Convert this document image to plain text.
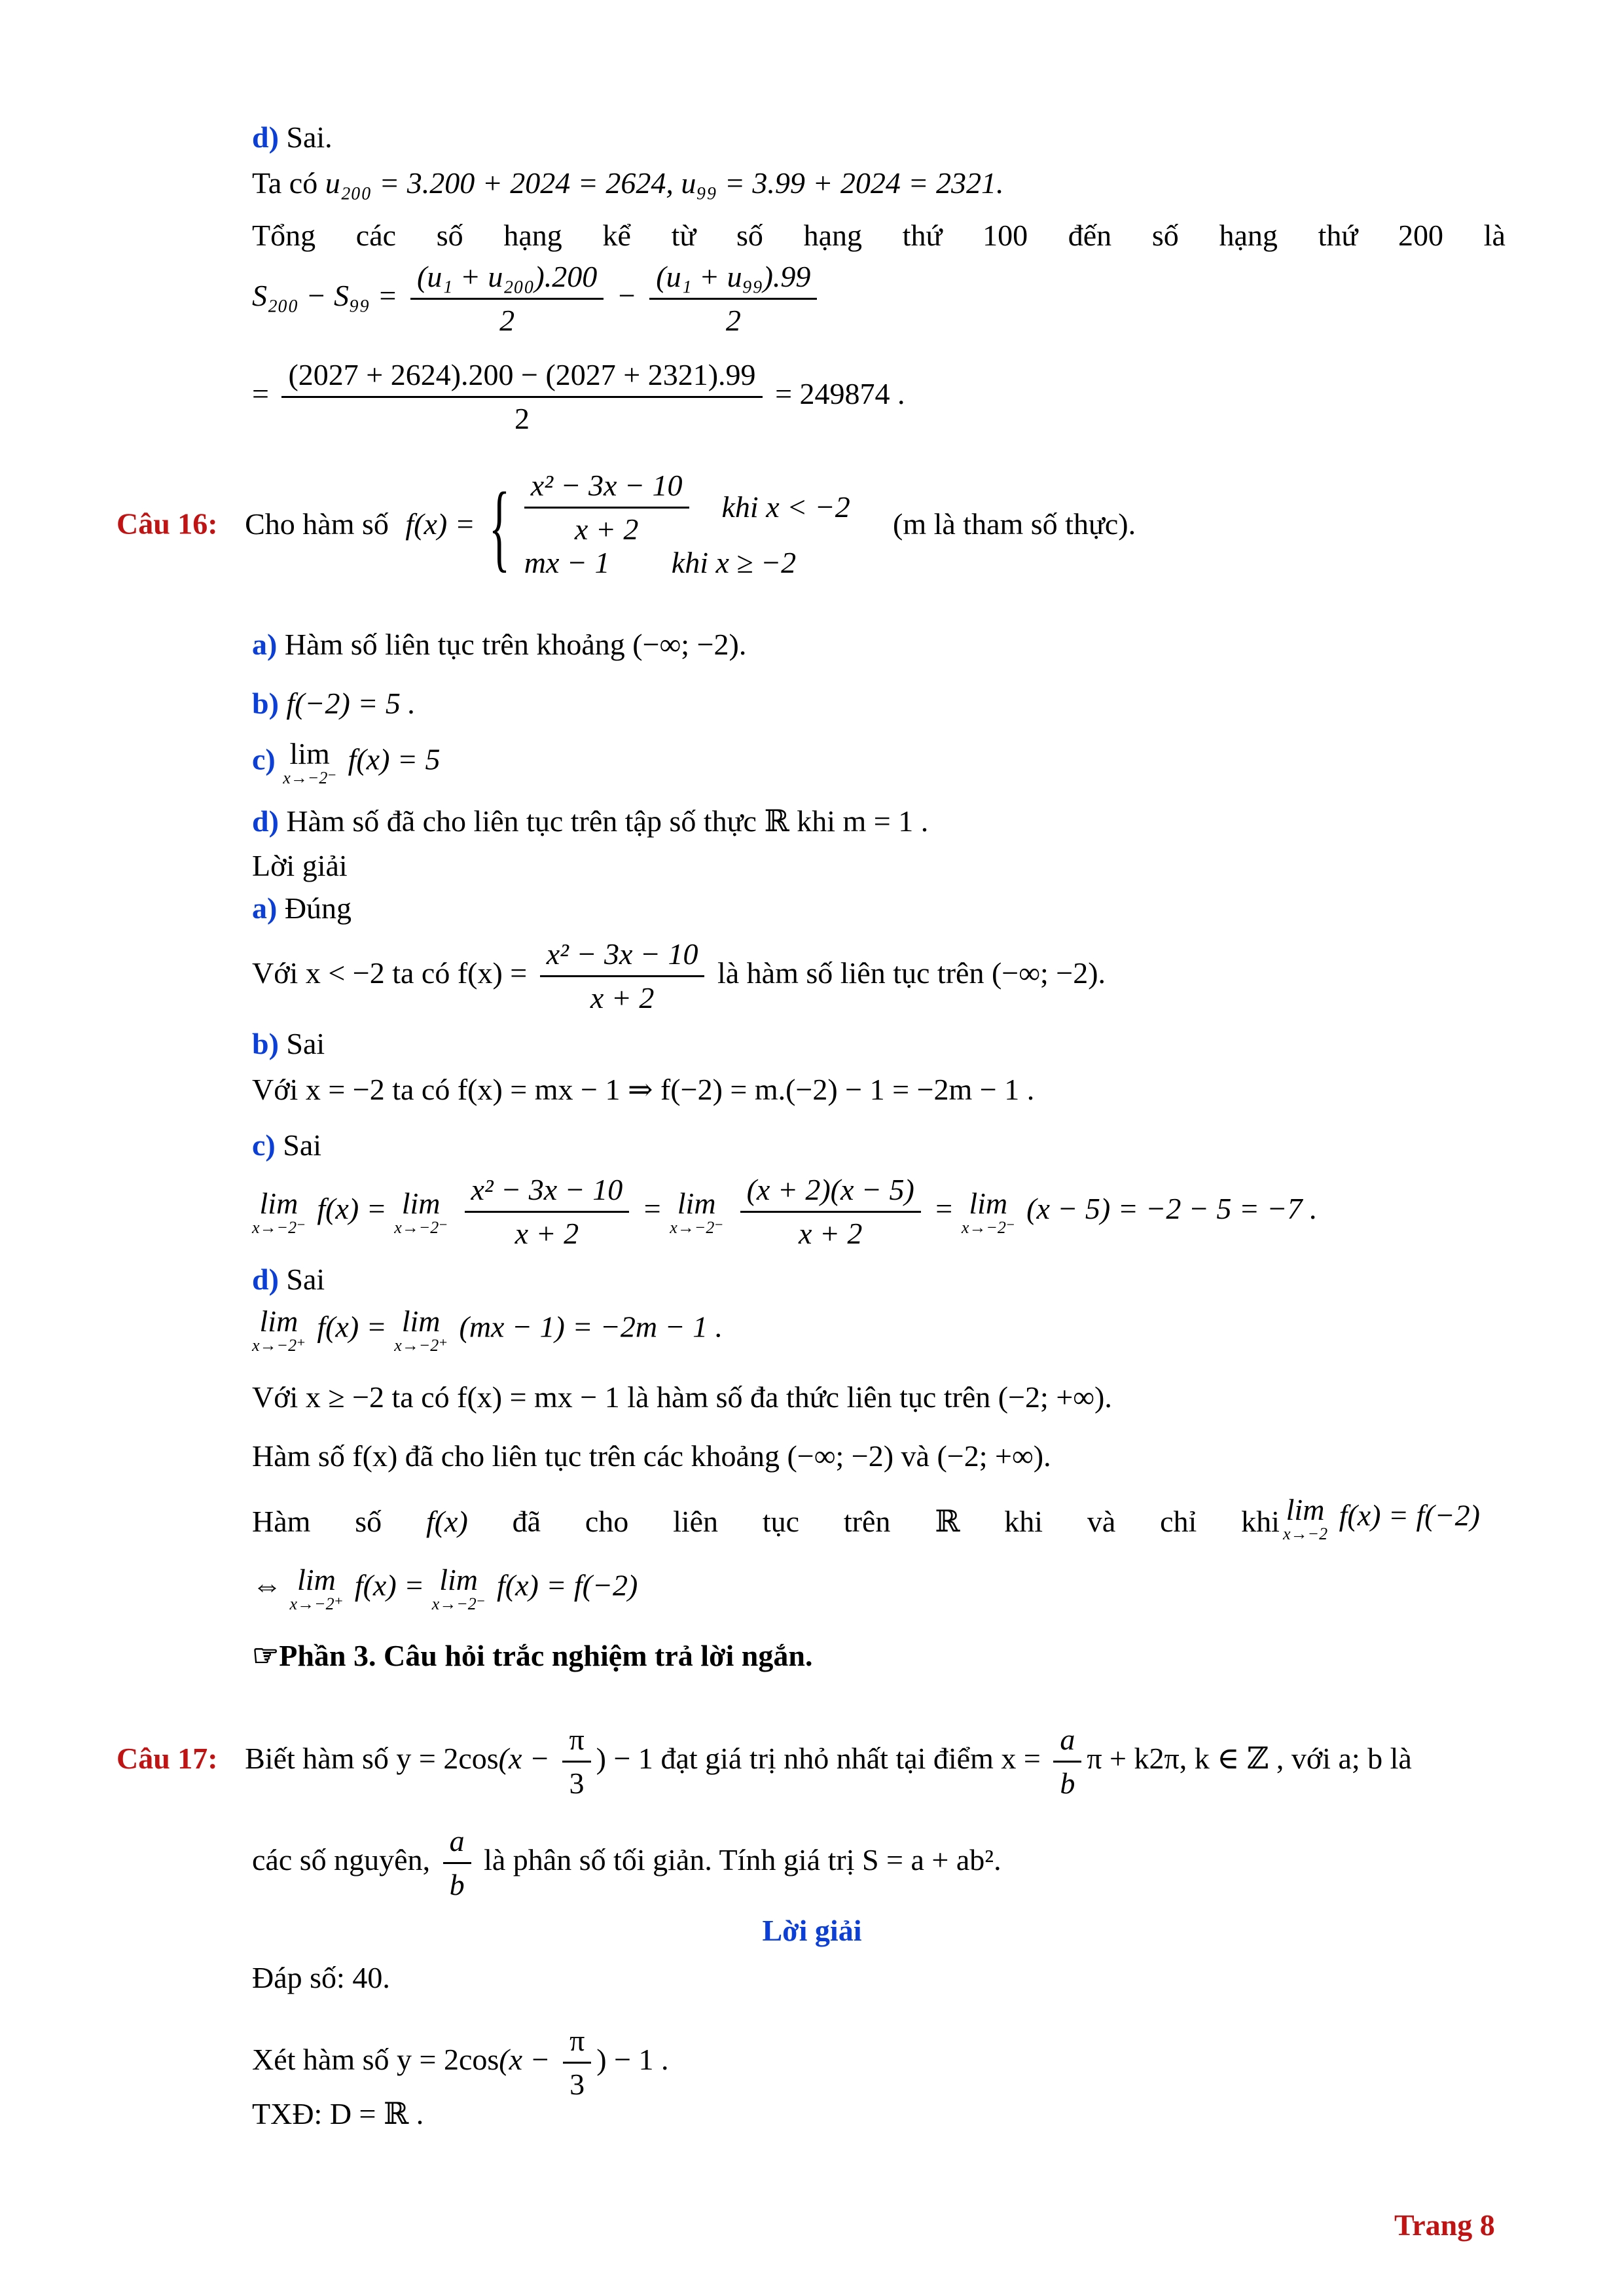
d) Sai.
Ta có u₂₀₀ = 3.200 + 2024 = 2624, u₉₉ = 3.99 + 2024 = 2321.
Tổng các số hạng kể từ số hạng thứ 100 đến số hạng thứ 200 là
$S_{200} - S_{99} = \frac{\text{(u₁ + u₂₀₀).200}}{2} - \frac{\text{(u₁ + u₉₉).99}}{2}$
= $\frac{(2027 + 2624).200 - (2027 + 2321).99}{2} = 249874$ .
Câu 16: Cho hàm số f(x) = { $\frac{\text{x² − 3x − 10}}{x + 2}$ khi x < −2
mx − 1	khi x ≥ −2
(m là tham số thực).
a) Hàm số liên tục trên khoảng (−∞; −2).
b) f(−2) = 5 .
c) lim
x→−2⁻
f(x) = 5
d) Hàm số đã cho liên tục trên tập số thực ℝ khi m = 1 .
Lời giải
a) Đúng
Với x < −2 ta có $f(x) = \frac{\text{x² − 3x − 10}}{x + 2}$ là hàm số liên tục trên (−∞; −2).
b) Sai
Với x = −2 ta có f(x) = mx − 1 ⇒ f(−2) = m.(−2) − 1 = −2m − 1 .
c) Sai
lim
x→−2⁻
f(x) = lim
x→−2⁻
$\frac{\text{x² − 3x − 10}}{x + 2} = \lim$
x→−2⁻
$\frac{(x + 2)(x - 5)}{x + 2} = \lim$
x→−2⁻
(x − 5) = −2 − 5 = −7 .
d) Sai
lim
x→−2⁺
f(x) = lim
x→−2⁺
(mx − 1) = −2m − 1 .
Với x ≥ −2 ta có f(x) = mx − 1 là hàm số đa thức liên tục trên (−2; +∞).
Hàm số f(x) đã cho liên tục trên các khoảng (−∞; −2) và (−2; +∞).
Hàm số f(x) đã cho liên tục trên ℝ khi và chỉ khi lim
x→−2
f(x) = f(−2)
⇔ lim
x→−2⁺
f(x) = lim
x→−2⁻
f(x) = f(−2)
☞Phần 3. Câu hỏi trắc nghiệm trả lời ngắn.
Câu 17: Biết hàm số $y = 2\cos(x - \frac{\pi}{3}$ ) − 1 đạt giá trị nhỏ nhất tại điểm $x = \frac{a}{b}$ π + k2π, k ∈ ℤ , với a; b là
các số nguyên, $\frac{a}{b}$ là phân số tối giản. Tính giá trị S = a + ab².
Lời giải
Đáp số: 40.
Xét hàm số $y = 2\cos(x - \frac{\pi}{3}$ ) − 1 .
TXĐ: D = ℝ .
Trang 8
